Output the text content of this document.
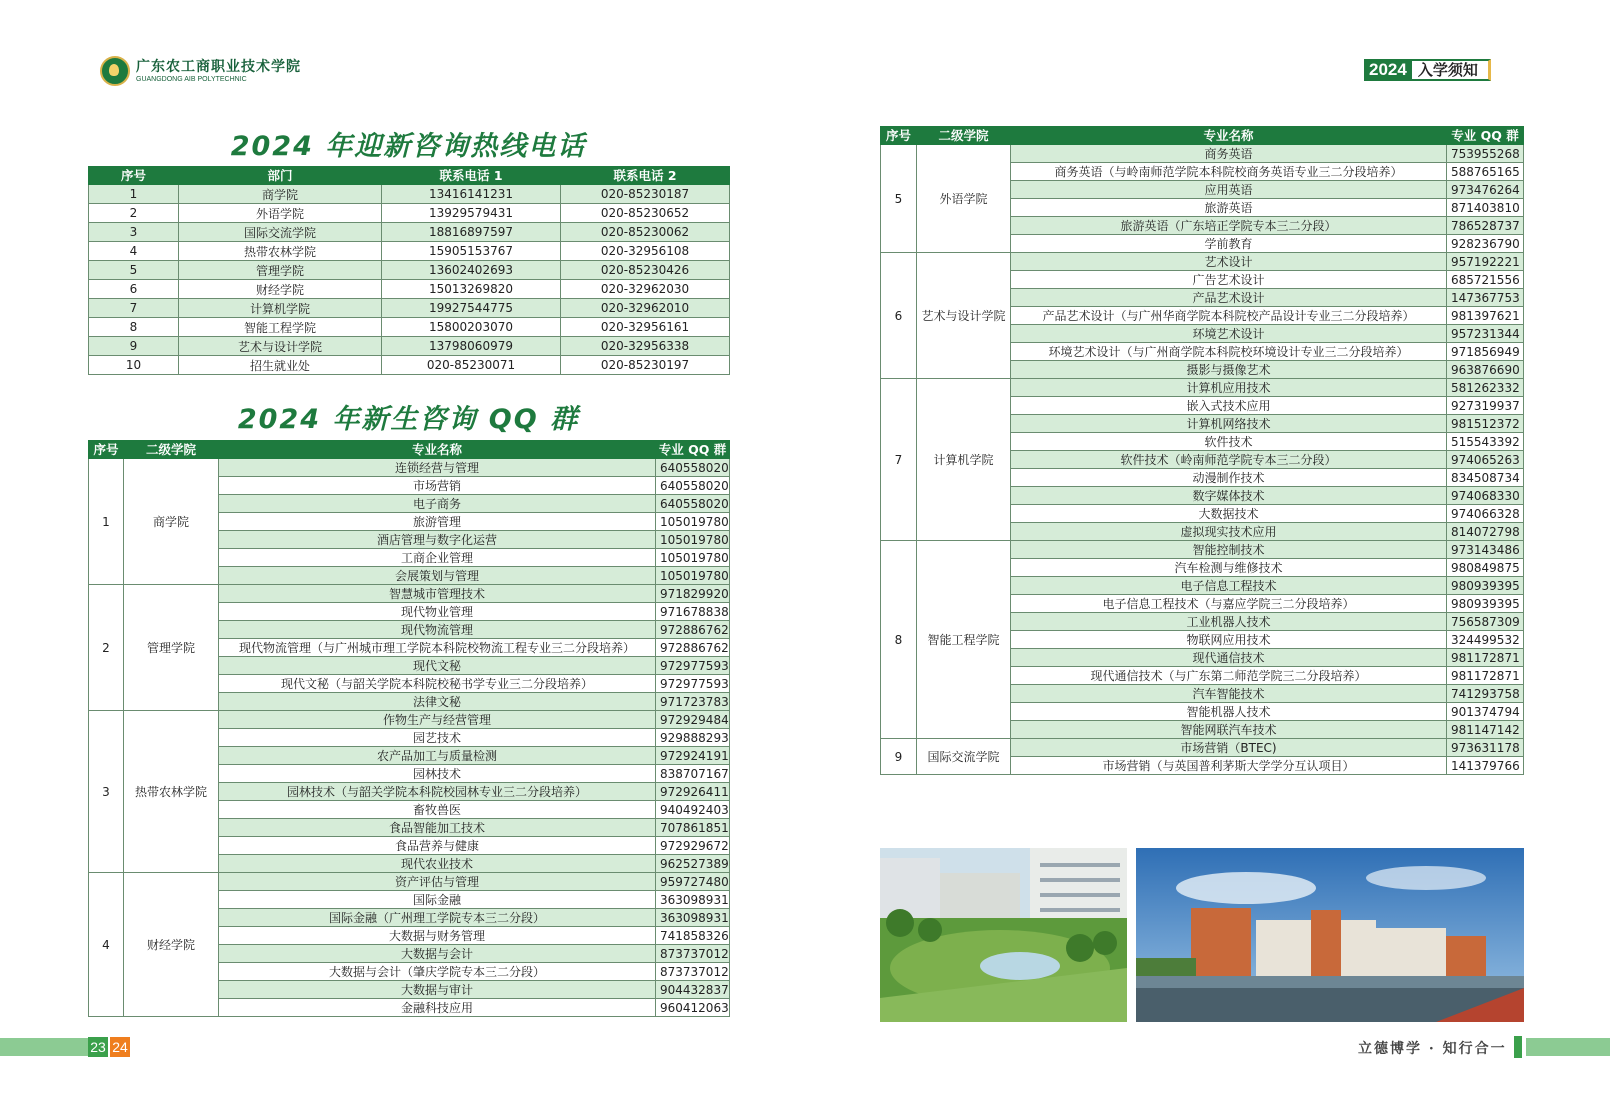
广东农工商职业技术学院
GUANGDONG AIB POLYTECHNIC	2024 入学须知
2024 年迎新咨询热线电话
2024 年新生咨询 QQ 群
序号	部门	联系电话 1	联系电话 2
1	商学院	13416141231	020-85230187
2	外语学院	13929579431	020-85230652
3	国际交流学院	18816897597	020-85230062
4	热带农林学院	15905153767	020-32956108
5	管理学院	13602402693	020-85230426
6	财经学院	15013269820	020-32962030
7	计算机学院	19927544775	020-32962010
8	智能工程学院	15800203070	020-32956161
9	艺术与设计学院	13798060979	020-32956338
10	招生就业处	020-85230071	020-85230197
序号	二级学院	专业名称	专业 QQ 群
1	商学院	连锁经营与管理	640558020
		市场营销	640558020
		电子商务	640558020
		旅游管理	105019780
		酒店管理与数字化运营	105019780
		工商企业管理	105019780
		会展策划与管理	105019780
2	管理学院	智慧城市管理技术	971829920
		现代物业管理	971678838
		现代物流管理	972886762
		现代物流管理（与广州城市理工学院本科院校物流工程专业三二分段培养）	972886762
		现代文秘	972977593
		现代文秘（与韶关学院本科院校秘书学专业三二分段培养）	972977593
		法律文秘	971723783
3	热带农林学院	作物生产与经营管理	972929484
		园艺技术	929888293
		农产品加工与质量检测	972924191
		园林技术	838707167
		园林技术（与韶关学院本科院校园林专业三二分段培养）	972926411
		畜牧兽医	940492403
		食品智能加工技术	707861851
		食品营养与健康	972929672
		现代农业技术	962527389
4	财经学院	资产评估与管理	959727480
		国际金融	363098931
		国际金融（广州理工学院专本三二分段）	363098931
		大数据与财务管理	741858326
		大数据与会计	873737012
		大数据与会计（肇庆学院专本三二分段）	873737012
		大数据与审计	904432837
		金融科技应用	960412063
序号	二级学院	专业名称	专业 QQ 群
5	外语学院	商务英语	753955268
		商务英语（与岭南师范学院本科院校商务英语专业三二分段培养）	588765165
		应用英语	973476264
		旅游英语	871403810
		旅游英语（广东培正学院专本三二分段）	786528737
		学前教育	928236790
6	艺术与设计学院	艺术设计	957192221
		广告艺术设计	685721556
		产品艺术设计	147367753
		产品艺术设计（与广州华商学院本科院校产品设计专业三二分段培养）	981397621
		环境艺术设计	957231344
		环境艺术设计（与广州商学院本科院校环境设计专业三二分段培养）	971856949
		摄影与摄像艺术	963876690
7	计算机学院	计算机应用技术	581262332
		嵌入式技术应用	927319937
		计算机网络技术	981512372
		软件技术	515543392
		软件技术（岭南师范学院专本三二分段）	974065263
		动漫制作技术	834508734
		数字媒体技术	974068330
		大数据技术	974066328
		虚拟现实技术应用	814072798
8	智能工程学院	智能控制技术	973143486
		汽车检测与维修技术	980849875
		电子信息工程技术	980939395
		电子信息工程技术（与嘉应学院三二分段培养）	980939395
		工业机器人技术	756587309
		物联网应用技术	324499532
		现代通信技术	981172871
		现代通信技术（与广东第二师范学院三二分段培养）	981172871
		汽车智能技术	741293758
		智能机器人技术	901374794
		智能网联汽车技术	981147142
9	国际交流学院	市场营销（BTEC)	973631178
		市场营销（与英国普利茅斯大学学分互认项目）	141379766
23 24	立德博学 · 知行合一
